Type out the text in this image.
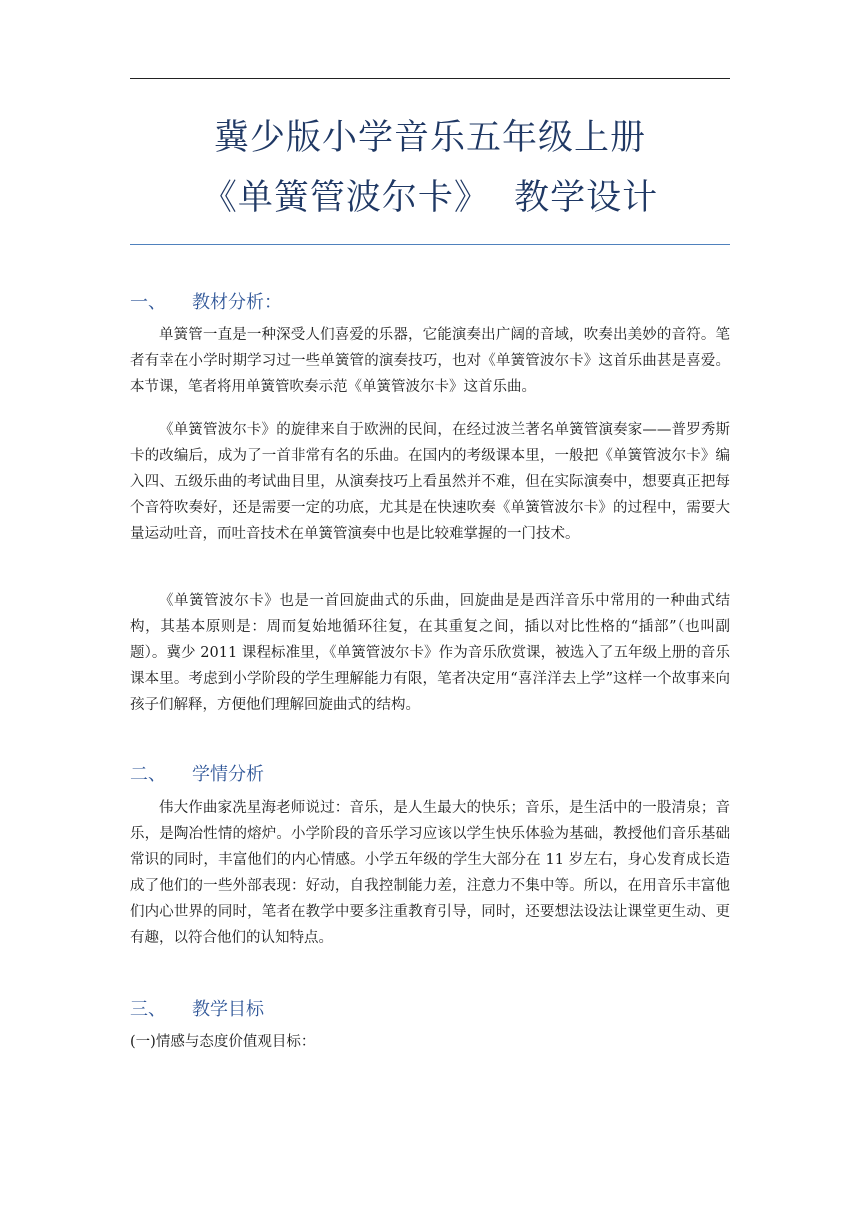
冀少版小学音乐五年级上册
《单簧管波尔卡》  教学设计
一、 教材分析：

单簧管一直是一种深受人们喜爱的乐器，它能演奏出广阔的音域，吹奏出美妙的音符。笔者有幸在小学时期学习过一些单簧管的演奏技巧，也对《单簧管波尔卡》这首乐曲甚是喜爱。本节课，笔者将用单簧管吹奏示范《单簧管波尔卡》这首乐曲。

《单簧管波尔卡》的旋律来自于欧洲的民间，在经过波兰著名单簧管演奏家——普罗秀斯卡的改编后，成为了一首非常有名的乐曲。在国内的考级课本里，一般把《单簧管波尔卡》编入四、五级乐曲的考试曲目里，从演奏技巧上看虽然并不难，但在实际演奏中，想要真正把每个音符吹奏好，还是需要一定的功底，尤其是在快速吹奏《单簧管波尔卡》的过程中，需要大量运动吐音，而吐音技术在单簧管演奏中也是比较难掌握的一门技术。

《单簧管波尔卡》也是一首回旋曲式的乐曲，回旋曲是是西洋音乐中常用的一种曲式结构，其基本原则是：周而复始地循环往复，在其重复之间，插以对比性格的“插部”（也叫副题）。冀少 2011 课程标准里，《单簧管波尔卡》作为音乐欣赏课，被选入了五年级上册的音乐课本里。考虑到小学阶段的学生理解能力有限，笔者决定用“喜洋洋去上学”这样一个故事来向孩子们解释，方便他们理解回旋曲式的结构。

二、 学情分析

伟大作曲家冼星海老师说过：音乐，是人生最大的快乐；音乐，是生活中的一股清泉；音乐，是陶冶性情的熔炉。小学阶段的音乐学习应该以学生快乐体验为基础，教授他们音乐基础常识的同时，丰富他们的内心情感。小学五年级的学生大部分在 11 岁左右，身心发育成长造成了他们的一些外部表现：好动，自我控制能力差，注意力不集中等。所以，在用音乐丰富他们内心世界的同时，笔者在教学中要多注重教育引导，同时，还要想法设法让课堂更生动、更有趣，以符合他们的认知特点。

三、 教学目标

(一)情感与态度价值观目标：
